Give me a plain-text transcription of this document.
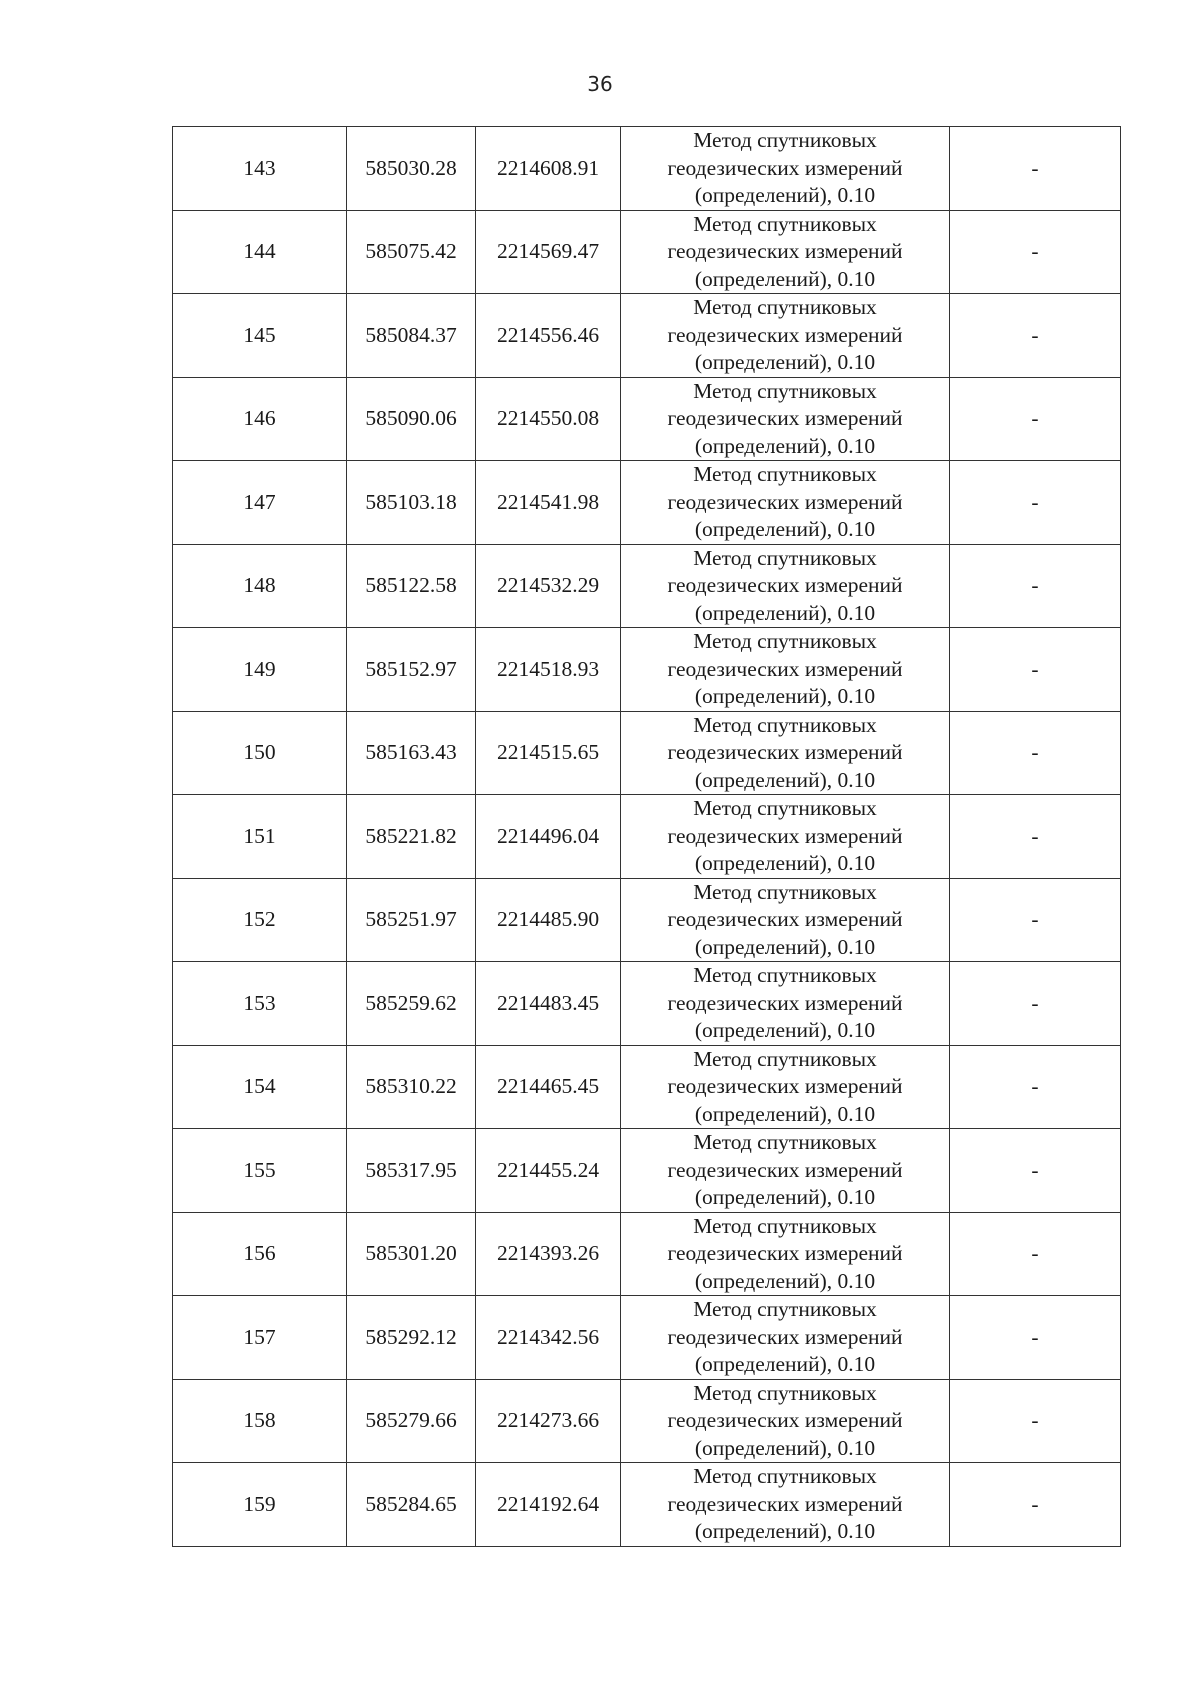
36
143	585030.28	2214608.91	Метод спутниковых
геодезических измерений
(определений), 0.10	-
144	585075.42	2214569.47	Метод спутниковых
геодезических измерений
(определений), 0.10	-
145	585084.37	2214556.46	Метод спутниковых
геодезических измерений
(определений), 0.10	-
146	585090.06	2214550.08	Метод спутниковых
геодезических измерений
(определений), 0.10	-
147	585103.18	2214541.98	Метод спутниковых
геодезических измерений
(определений), 0.10	-
148	585122.58	2214532.29	Метод спутниковых
геодезических измерений
(определений), 0.10	-
149	585152.97	2214518.93	Метод спутниковых
геодезических измерений
(определений), 0.10	-
150	585163.43	2214515.65	Метод спутниковых
геодезических измерений
(определений), 0.10	-
151	585221.82	2214496.04	Метод спутниковых
геодезических измерений
(определений), 0.10	-
152	585251.97	2214485.90	Метод спутниковых
геодезических измерений
(определений), 0.10	-
153	585259.62	2214483.45	Метод спутниковых
геодезических измерений
(определений), 0.10	-
154	585310.22	2214465.45	Метод спутниковых
геодезических измерений
(определений), 0.10	-
155	585317.95	2214455.24	Метод спутниковых
геодезических измерений
(определений), 0.10	-
156	585301.20	2214393.26	Метод спутниковых
геодезических измерений
(определений), 0.10	-
157	585292.12	2214342.56	Метод спутниковых
геодезических измерений
(определений), 0.10	-
158	585279.66	2214273.66	Метод спутниковых
геодезических измерений
(определений), 0.10	-
159	585284.65	2214192.64	Метод спутниковых
геодезических измерений
(определений), 0.10	-
